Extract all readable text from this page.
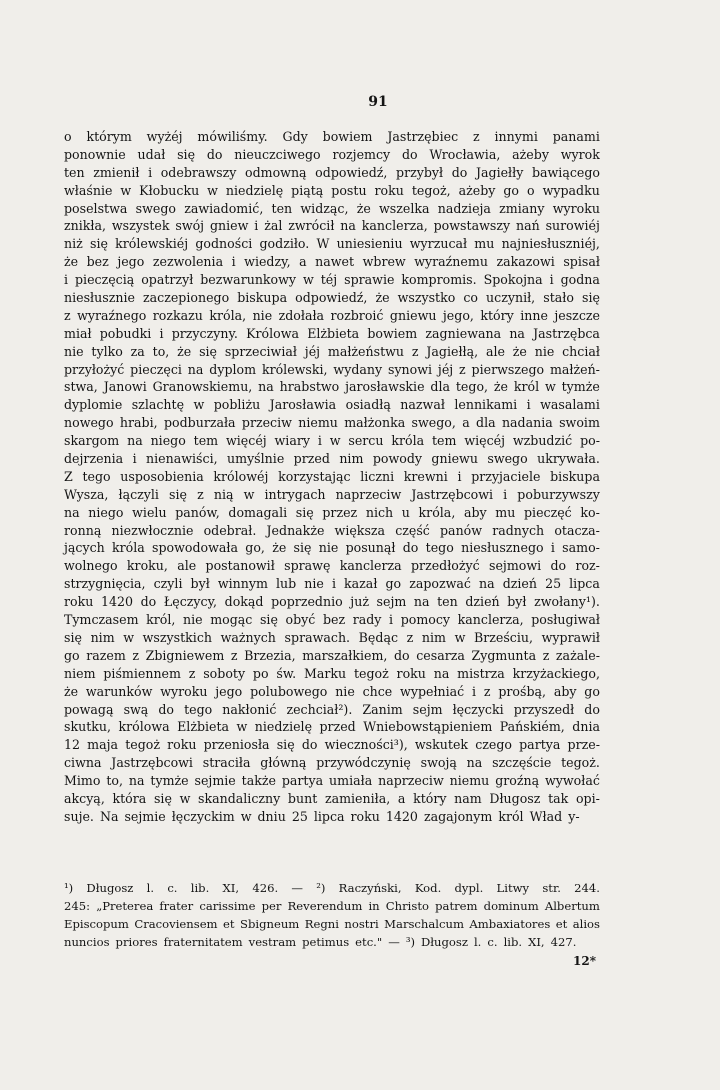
91
o którym wyżéj mówiliśmy. Gdy bowiem Jastrzębiec z innymi panami
ponownie udał się do nieuczciwego rozjemcy do Wrocławia, ażeby wyrok
ten zmienił i odebrawszy odmowną odpowiedź, przybył do Jagiełły bawiącego
właśnie w Kłobucku w niedzielę piątą postu roku tegoż, ażeby go o wypadku
poselstwa swego zawiadomić, ten widząc, że wszelka nadzieja zmiany wyroku
znikła, wszystek swój gniew i żal zwrócił na kanclerza, powstawszy nań surowiéj
niż się królewskiéj godności godziło. W uniesieniu wyrzucał mu najniesłuszniéj,
że bez jego zezwolenia i wiedzy, a nawet wbrew wyraźnemu zakazowi spisał
i pieczęcią opatrzył bezwarunkowy w téj sprawie kompromis. Spokojna i godna
niesłusznie zaczepionego biskupa odpowiedź, że wszystko co uczynił, stało się
z wyraźnego rozkazu króla, nie zdołała rozbroić gniewu jego, który inne jeszcze
miał pobudki i przyczyny. Królowa Elżbieta bowiem zagniewana na Jastrzębca
nie tylko za to, że się sprzeciwiał jéj małżeństwu z Jagiełłą, ale że nie chciał
przyłożyć pieczęci na dyplom królewski, wydany synowi jéj z pierwszego małżeń-
stwa, Janowi Granowskiemu, na hrabstwo jarosławskie dla tego, że król w tymże
dyplomie szlachtę w pobliżu Jarosławia osiadłą nazwał lennikami i wasalami
nowego hrabi, podburzała przeciw niemu małżonka swego, a dla nadania swoim
skargom na niego tem więcéj wiary i w sercu króla tem więcéj wzbudzić po-
dejrzenia i nienawiści, umyślnie przed nim powody gniewu swego ukrywała.
Z tego usposobienia królowéj korzystając liczni krewni i przyjaciele biskupa
Wysza, łączyli się z nią w intrygach naprzeciw Jastrzębcowi i poburzywszy
na niego wielu panów, domagali się przez nich u króla, aby mu pieczęć ko-
ronną niezwłocznie odebrał. Jednakże większa część panów radnych otacza-
jących króla spowodowała go, że się nie posunął do tego niesłusznego i samo-
wolnego kroku, ale postanowił sprawę kanclerza przedłożyć sejmowi do roz-
strzygnięcia, czyli był winnym lub nie i kazał go zapozwać na dzień 25 lipca
roku 1420 do Łęczycy, dokąd poprzednio już sejm na ten dzień był zwołany¹).
Tymczasem król, nie mogąc się obyć bez rady i pomocy kanclerza, posługiwał
się nim w wszystkich ważnych sprawach. Będąc z nim w Brześciu, wyprawił
go razem z Zbigniewem z Brzezia, marszałkiem, do cesarza Zygmunta z zażale-
niem piśmiennem z soboty po św. Marku tegoż roku na mistrza krzyżackiego,
że warunków wyroku jego polubowego nie chce wypełniać i z prośbą, aby go
powagą swą do tego nakłonić zechciał²). Zanim sejm łęczycki przyszedł do
skutku, królowa Elżbieta w niedzielę przed Wniebowstąpieniem Pańskiém, dnia
12 maja tegoż roku przeniosła się do wieczności³), wskutek czego partya prze-
ciwna Jastrzębcowi straciła główną przywódczynię swoją na szczęście tegoż.
Mimo to, na tymże sejmie także partya umiała naprzeciw niemu groźną wywołać
akcyą, która się w skandaliczny bunt zamieniła, a który nam Długosz tak opi-
suje. Na sejmie łęczyckim w dniu 25 lipca roku 1420 zagajonym król Wład y-
¹) Długosz l. c. lib. XI, 426. — ²) Raczyński, Kod. dypl. Litwy str. 244.
245: „Preterea frater carissime per Reverendum in Christo patrem dominum Albertum
Episcopum Cracoviensem et Sbigneum Regni nostri Marschalcum Ambaxiatores et alios
nuncios priores fraternitatem vestram petimus etc." — ³) Długosz l. c. lib. XI, 427.
12*
